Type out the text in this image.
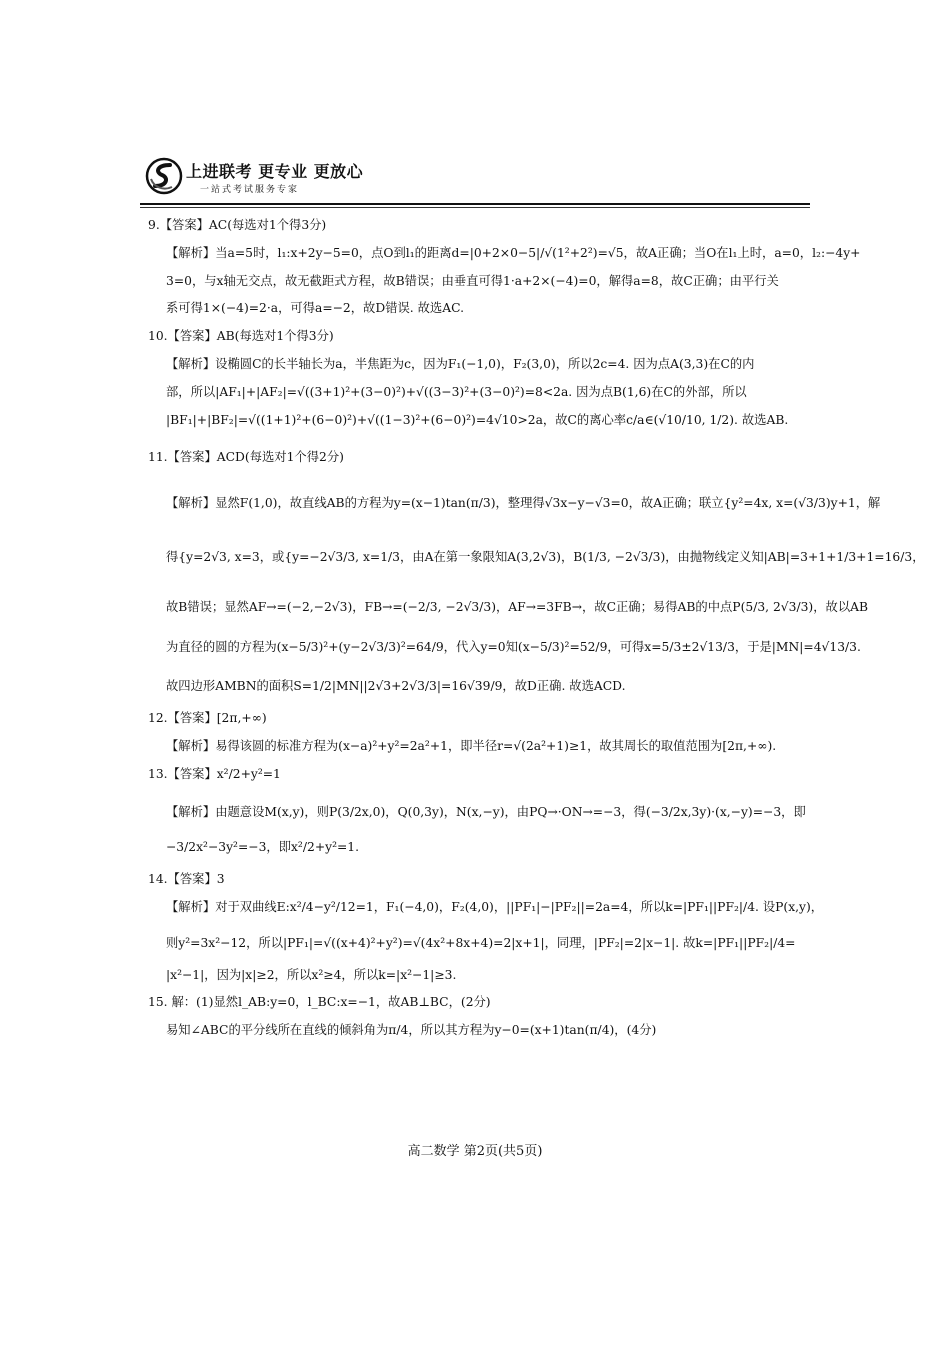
上进联考 更专业 更放心
一站式考试服务专家
9.【答案】AC(每选对1个得3分)
【解析】当a=5时，l₁:x+2y−5=0，点O到l₁的距离d=|0+2×0−5|/√(1²+2²)=√5，故A正确；当O在l₁上时，a=0，l₂:−4y+
3=0，与x轴无交点，故无截距式方程，故B错误；由垂直可得1·a+2×(−4)=0，解得a=8，故C正确；由平行关
系可得1×(−4)=2·a，可得a=−2，故D错误. 故选AC.
10.【答案】AB(每选对1个得3分)
【解析】设椭圆C的长半轴长为a，半焦距为c，因为F₁(−1,0)，F₂(3,0)，所以2c=4. 因为点A(3,3)在C的内
部，所以|AF₁|+|AF₂|=√((3+1)²+(3−0)²)+√((3−3)²+(3−0)²)=8<2a. 因为点B(1,6)在C的外部，所以
|BF₁|+|BF₂|=√((1+1)²+(6−0)²)+√((1−3)²+(6−0)²)=4√10>2a，故C的离心率c/a∈(√10/10, 1/2). 故选AB.
11.【答案】ACD(每选对1个得2分)
【解析】显然F(1,0)，故直线AB的方程为y=(x−1)tan(π/3)，整理得√3x−y−√3=0，故A正确；联立{y²=4x, x=(√3/3)y+1，解
得{y=2√3, x=3，或{y=−2√3/3, x=1/3，由A在第一象限知A(3,2√3)，B(1/3, −2√3/3)，由抛物线定义知|AB|=3+1+1/3+1=16/3，
故B错误；显然AF→=(−2,−2√3)，FB→=(−2/3, −2√3/3)，AF→=3FB→，故C正确；易得AB的中点P(5/3, 2√3/3)，故以AB
为直径的圆的方程为(x−5/3)²+(y−2√3/3)²=64/9，代入y=0知(x−5/3)²=52/9，可得x=5/3±2√13/3，于是|MN|=4√13/3.
故四边形AMBN的面积S=1/2|MN||2√3+2√3/3|=16√39/9，故D正确. 故选ACD.
12.【答案】[2π,+∞)
【解析】易得该圆的标准方程为(x−a)²+y²=2a²+1，即半径r=√(2a²+1)≥1，故其周长的取值范围为[2π,+∞).
13.【答案】x²/2+y²=1
【解析】由题意设M(x,y)，则P(3/2x,0)，Q(0,3y)，N(x,−y)，由PQ→·ON→=−3，得(−3/2x,3y)·(x,−y)=−3，即
−3/2x²−3y²=−3，即x²/2+y²=1.
14.【答案】3
【解析】对于双曲线E:x²/4−y²/12=1，F₁(−4,0)，F₂(4,0)，||PF₁|−|PF₂||=2a=4，所以k=|PF₁||PF₂|/4. 设P(x,y)，
则y²=3x²−12，所以|PF₁|=√((x+4)²+y²)=√(4x²+8x+4)=2|x+1|，同理，|PF₂|=2|x−1|. 故k=|PF₁||PF₂|/4=
|x²−1|，因为|x|≥2，所以x²≥4，所以k=|x²−1|≥3.
15. 解：(1)显然l_AB:y=0，l_BC:x=−1，故AB⊥BC，(2分)
易知∠ABC的平分线所在直线的倾斜角为π/4，所以其方程为y−0=(x+1)tan(π/4)，(4分)
高二数学 第2页(共5页)
